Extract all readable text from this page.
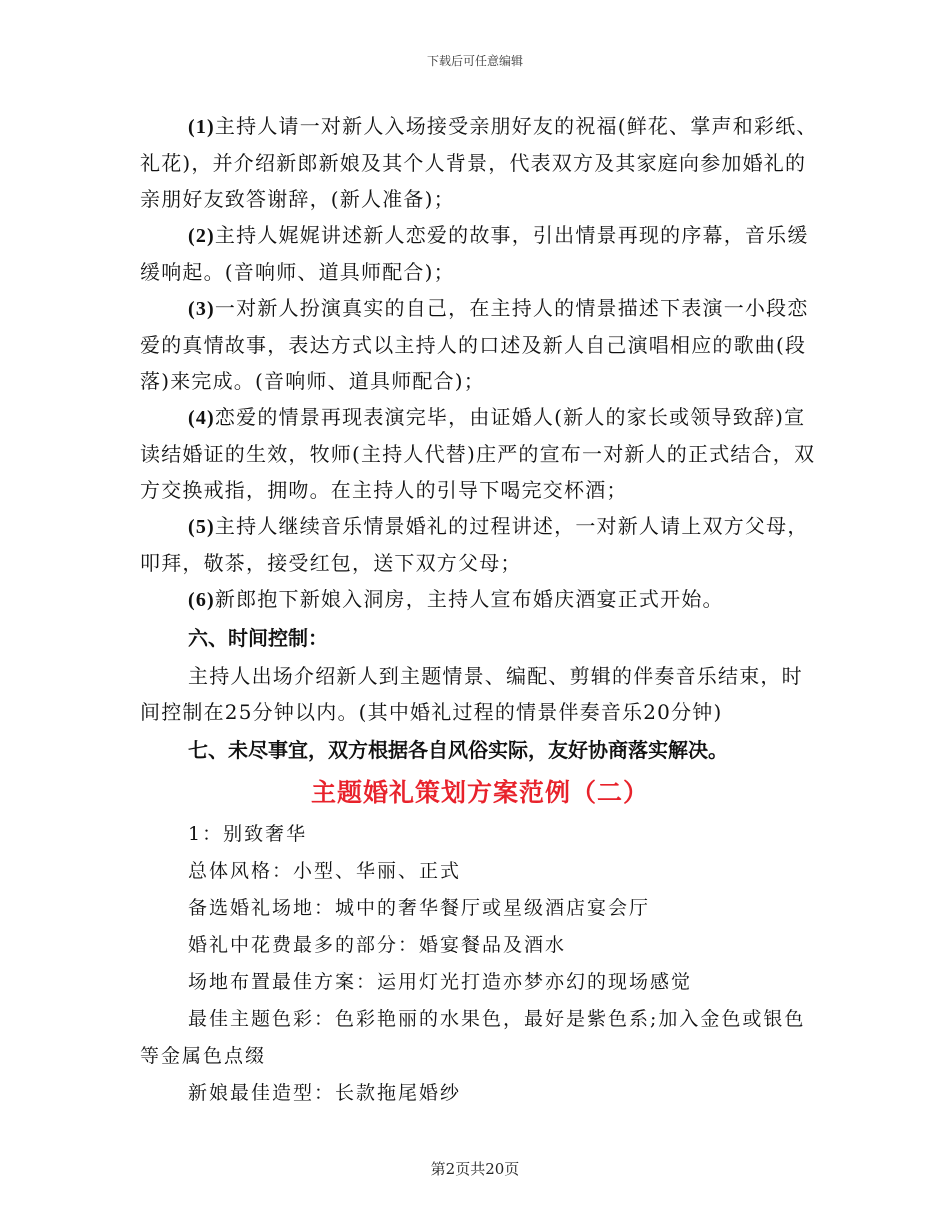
下载后可任意编辑

(1)主持人请一对新人入场接受亲朋好友的祝福(鲜花、掌声和彩纸、礼花)，并介绍新郎新娘及其个人背景，代表双方及其家庭向参加婚礼的亲朋好友致答谢辞，(新人准备)；

(2)主持人娓娓讲述新人恋爱的故事，引出情景再现的序幕，音乐缓缓响起。(音响师、道具师配合)；

(3)一对新人扮演真实的自己，在主持人的情景描述下表演一小段恋爱的真情故事，表达方式以主持人的口述及新人自己演唱相应的歌曲(段落)来完成。(音响师、道具师配合)；

(4)恋爱的情景再现表演完毕，由证婚人(新人的家长或领导致辞)宣读结婚证的生效，牧师(主持人代替)庄严的宣布一对新人的正式结合，双方交换戒指，拥吻。在主持人的引导下喝完交杯酒；

(5)主持人继续音乐情景婚礼的过程讲述，一对新人请上双方父母，叩拜，敬茶，接受红包，送下双方父母；

(6)新郎抱下新娘入洞房，主持人宣布婚庆酒宴正式开始。

六、时间控制：

主持人出场介绍新人到主题情景、编配、剪辑的伴奏音乐结束，时间控制在25分钟以内。(其中婚礼过程的情景伴奏音乐20分钟)

七、未尽事宜，双方根据各自风俗实际，友好协商落实解决。

主题婚礼策划方案范例（二）

1：别致奢华

总体风格：小型、华丽、正式

备选婚礼场地：城中的奢华餐厅或星级酒店宴会厅

婚礼中花费最多的部分：婚宴餐品及酒水

场地布置最佳方案：运用灯光打造亦梦亦幻的现场感觉

最佳主题色彩：色彩艳丽的水果色，最好是紫色系;加入金色或银色等金属色点缀

新娘最佳造型：长款拖尾婚纱

第2页共20页
